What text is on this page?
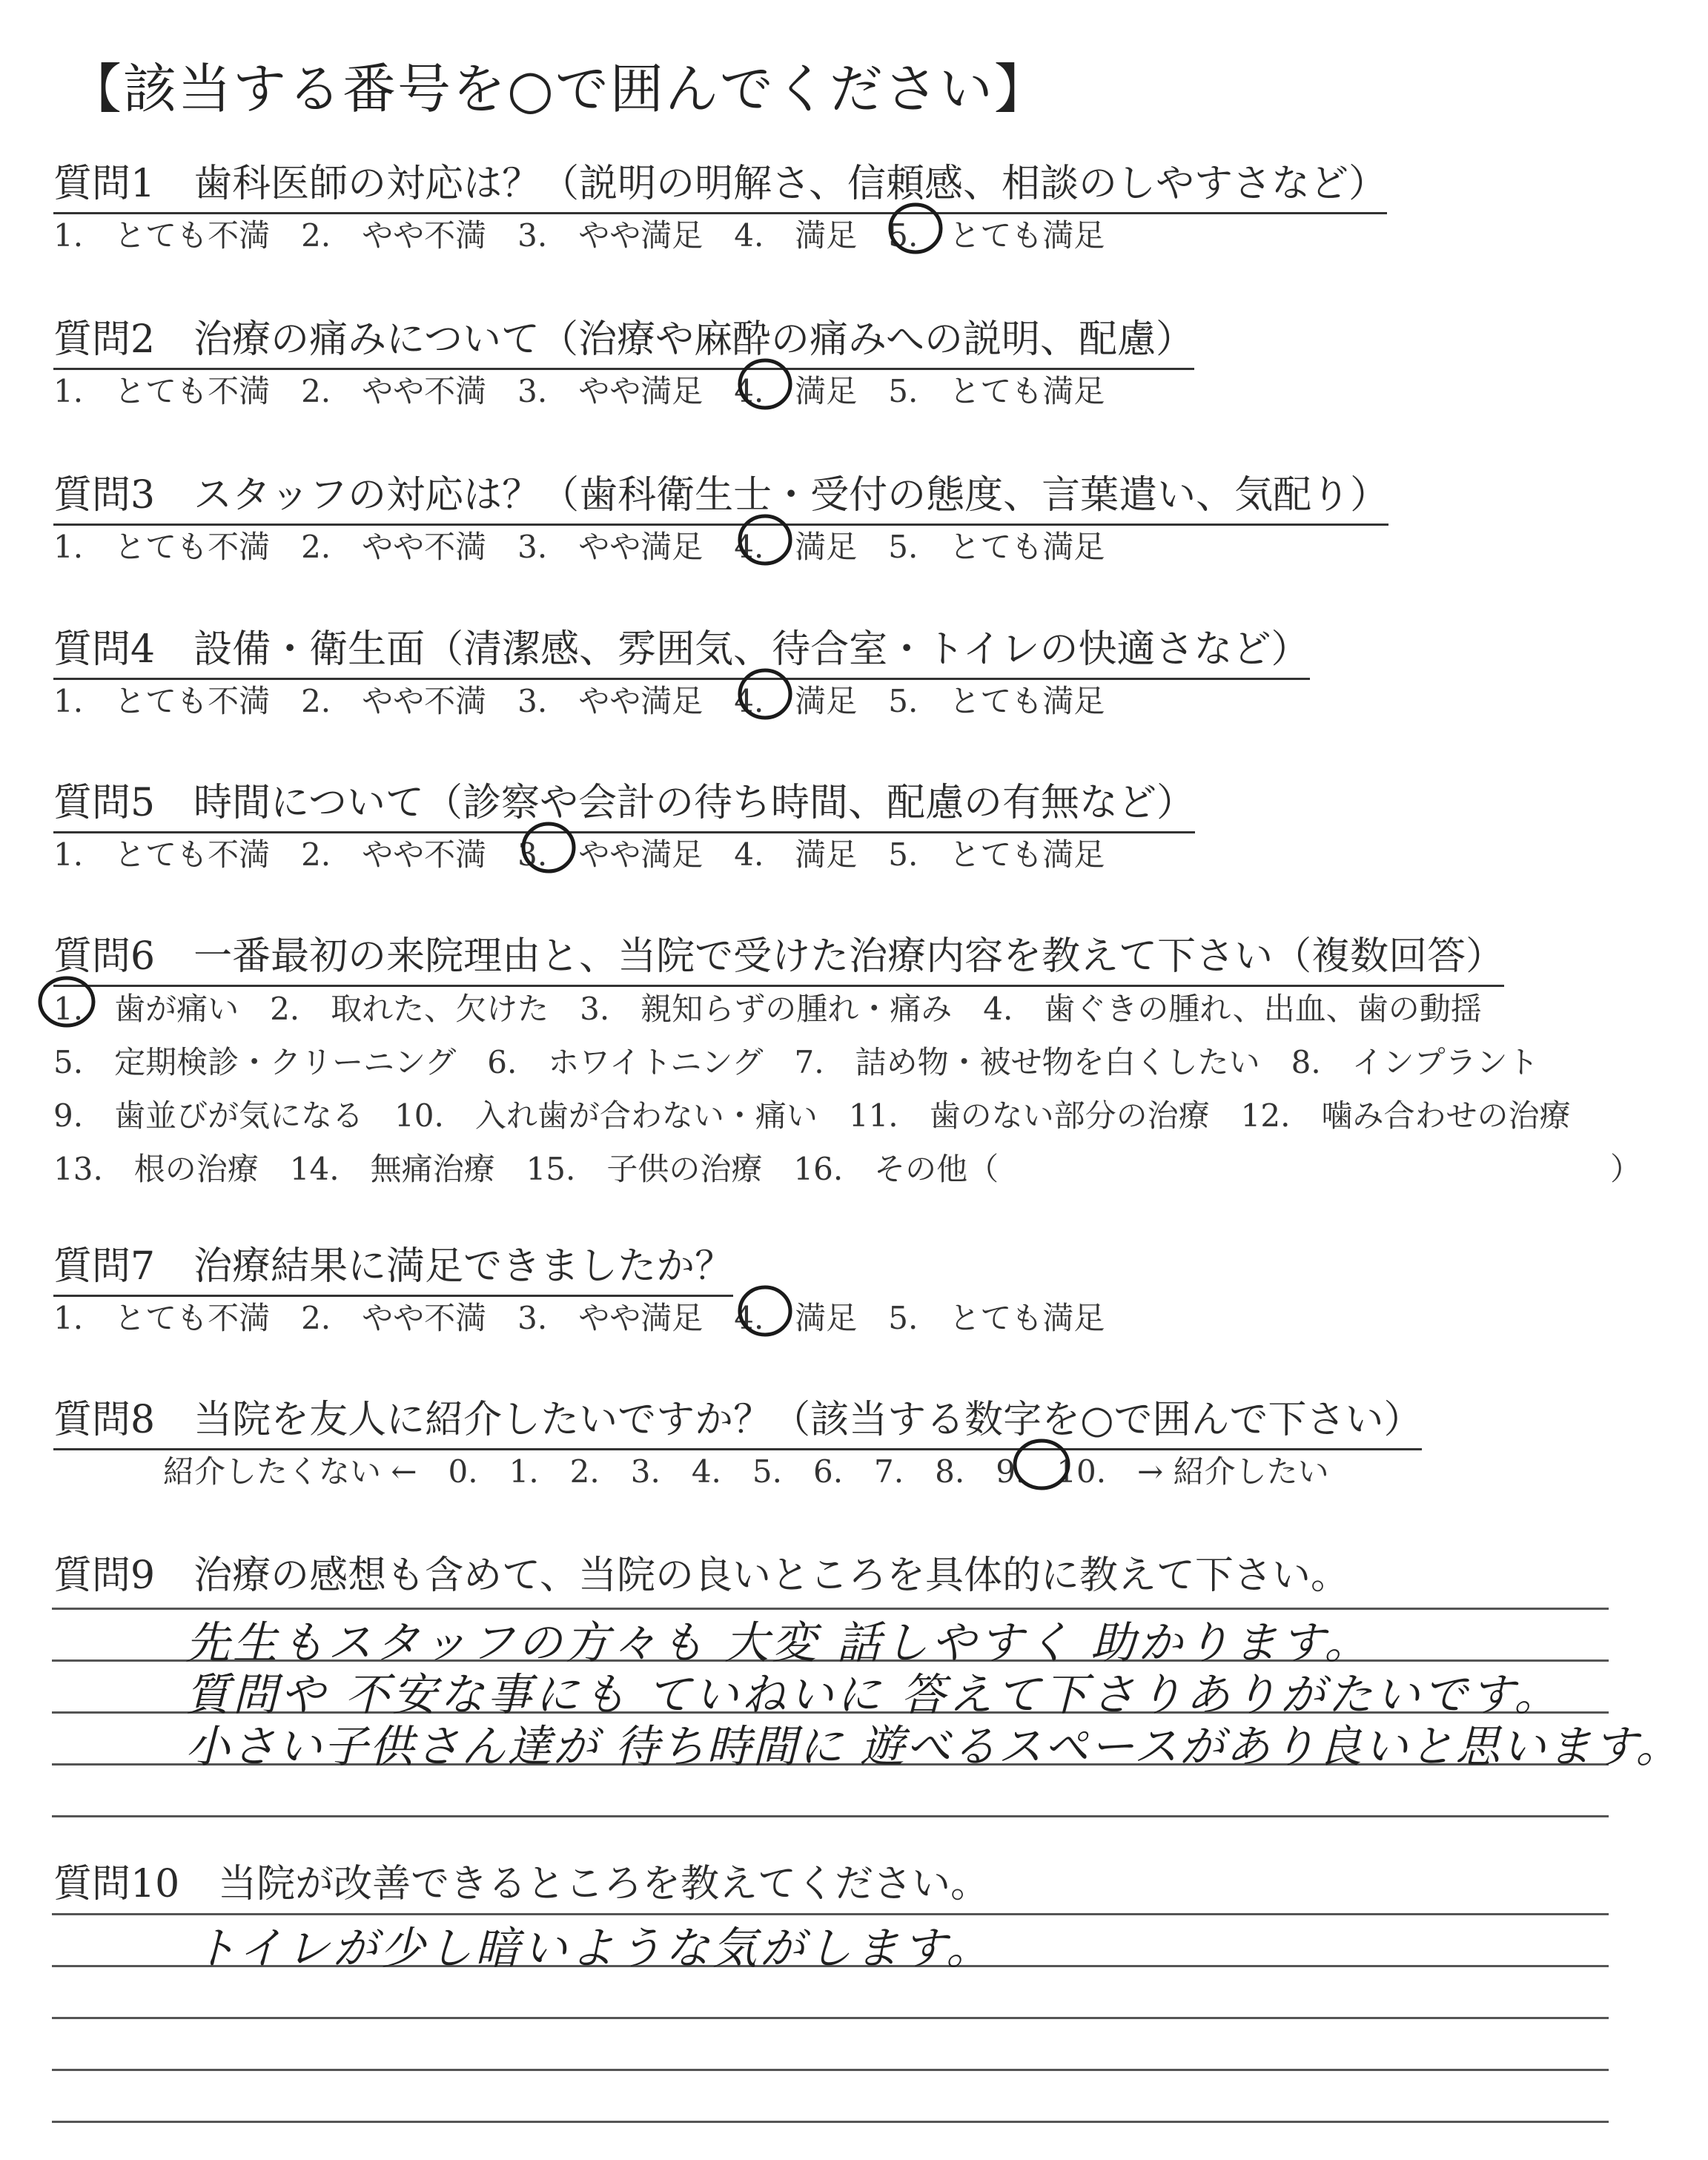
【該当する番号を○で囲んでください】
質問1　歯科医師の対応は？（説明の明解さ、信頼感、相談のしやすさなど）
1.　とても不満　2.　やや不満　3.　やや満足　4.　満足　5.　とても満足
質問2　治療の痛みについて（治療や麻酔の痛みへの説明、配慮）
1.　とても不満　2.　やや不満　3.　やや満足　4.　満足　5.　とても満足
質問3　スタッフの対応は？（歯科衛生士・受付の態度、言葉遣い、気配り）
1.　とても不満　2.　やや不満　3.　やや満足　4.　満足　5.　とても満足
質問4　設備・衛生面（清潔感、雰囲気、待合室・トイレの快適さなど）
1.　とても不満　2.　やや不満　3.　やや満足　4.　満足　5.　とても満足
質問5　時間について（診察や会計の待ち時間、配慮の有無など）
1.　とても不満　2.　やや不満　3.　やや満足　4.　満足　5.　とても満足
質問6　一番最初の来院理由と、当院で受けた治療内容を教えて下さい（複数回答）
1.　歯が痛い　2.　取れた、欠けた　3.　親知らずの腫れ・痛み　4.　歯ぐきの腫れ、出血、歯の動揺
5.　定期検診・クリーニング　6.　ホワイトニング　7.　詰め物・被せ物を白くしたい　8.　インプラント
9.　歯並びが気になる　10.　入れ歯が合わない・痛い　11.　歯のない部分の治療　12.　噛み合わせの治療
13.　根の治療　14.　無痛治療　15.　子供の治療　16.　その他（	）
質問7　治療結果に満足できましたか？
1.　とても不満　2.　やや不満　3.　やや満足　4.　満足　5.　とても満足
質問8　当院を友人に紹介したいですか？（該当する数字を○で囲んで下さい）
紹介したくない ←　0.　1.　2.　3.　4.　5.　6.　7.　8.　9.　10.　→ 紹介したい
質問9　治療の感想も含めて、当院の良いところを具体的に教えて下さい。
先生もスタッフの方々も 大変 話しやすく 助かります。
質問や 不安な事にも ていねいに 答えて下さりありがたいです。
小さい子供さん達が 待ち時間に 遊べるスペースがあり良いと思います。
質問10　当院が改善できるところを教えてください。
トイレが少し暗いような気がします。
